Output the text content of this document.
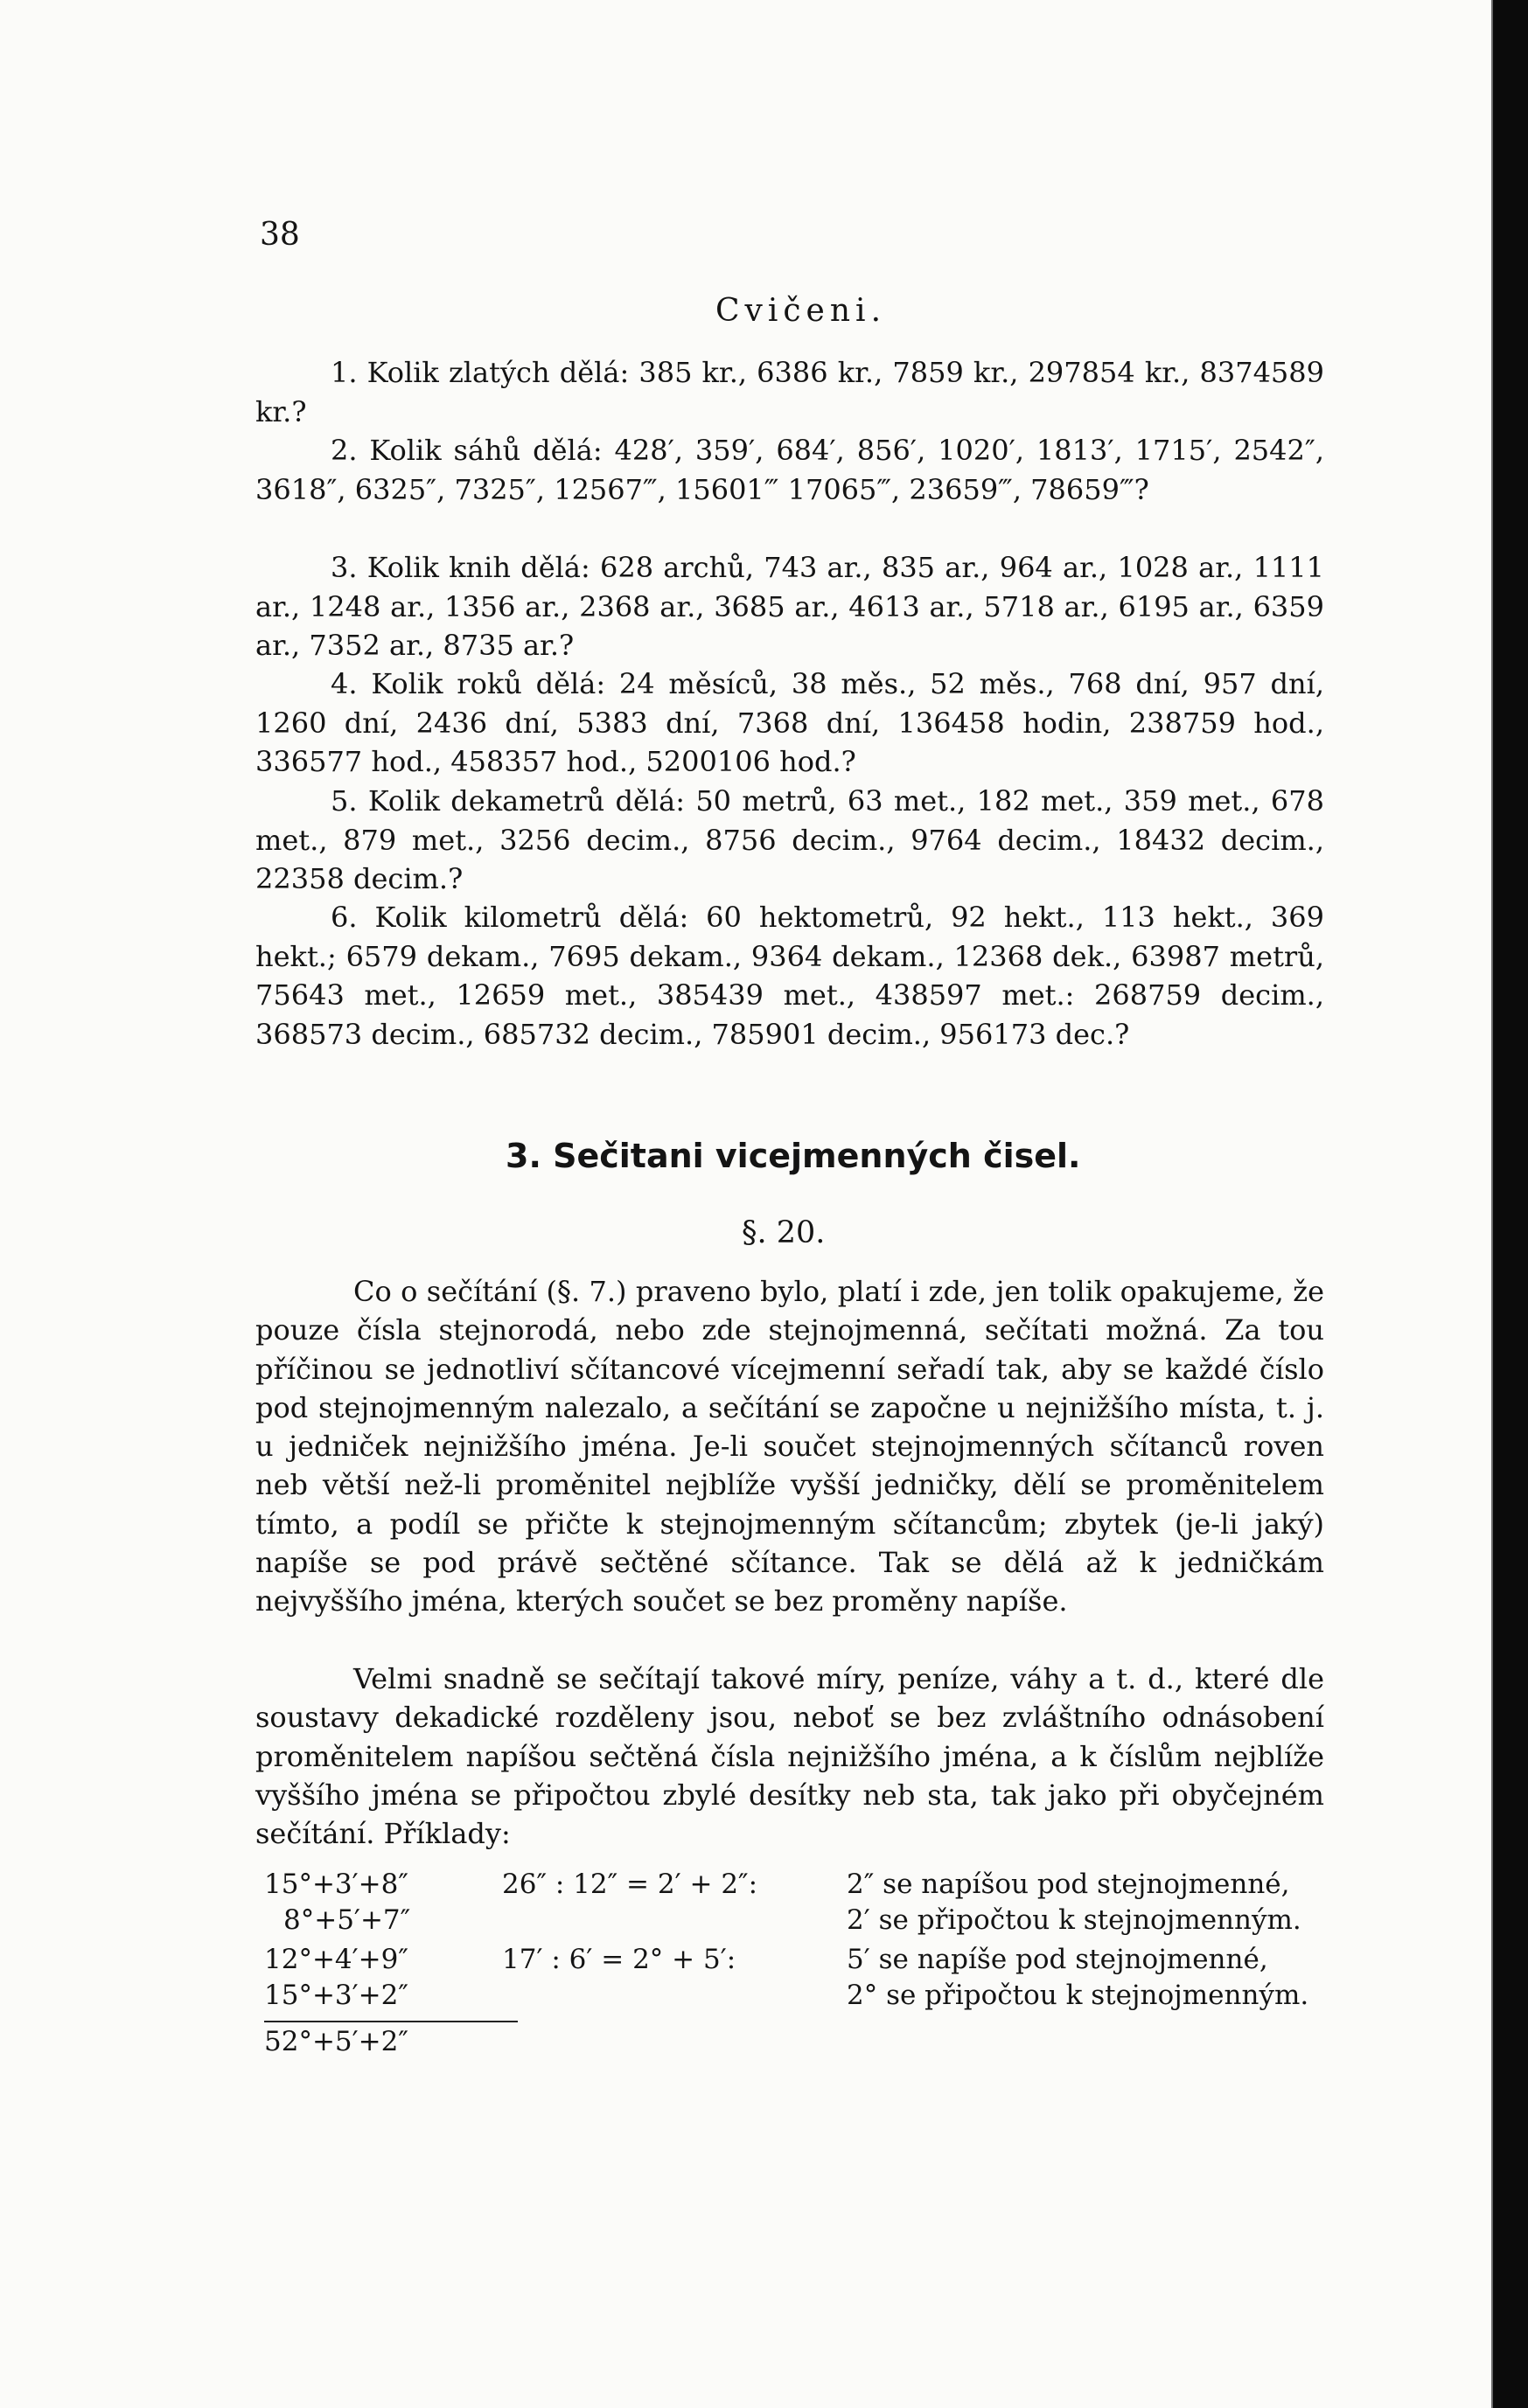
38
Cvičeni.
1. Kolik zlatých dělá: 385 kr., 6386 kr., 7859 kr., 297854 kr., 8374589 kr.?
2. Kolik sáhů dělá: 428′, 359′, 684′, 856′, 1020′, 1813′, 1715′, 2542″, 3618″, 6325″, 7325″, 12567‴, 15601‴ 17065‴, 23659‴, 78659‴?
3. Kolik knih dělá: 628 archů, 743 ar., 835 ar., 964 ar., 1028 ar., 1111 ar., 1248 ar., 1356 ar., 2368 ar., 3685 ar., 4613 ar., 5718 ar., 6195 ar., 6359 ar., 7352 ar., 8735 ar.?
4. Kolik roků dělá: 24 měsíců, 38 měs., 52 měs., 768 dní, 957 dní, 1260 dní, 2436 dní, 5383 dní, 7368 dní, 136458 hodin, 238759 hod., 336577 hod., 458357 hod., 5200106 hod.?
5. Kolik dekametrů dělá: 50 metrů, 63 met., 182 met., 359 met., 678 met., 879 met., 3256 decim., 8756 decim., 9764 decim., 18432 decim., 22358 decim.?
6. Kolik kilometrů dělá: 60 hektometrů, 92 hekt., 113 hekt., 369 hekt.; 6579 dekam., 7695 dekam., 9364 dekam., 12368 dek., 63987 metrů, 75643 met., 12659 met., 385439 met., 438597 met.: 268759 decim., 368573 decim., 685732 decim., 785901 decim., 956173 dec.?
3. Sečitani vicejmenných čisel.
§. 20.
Co o sečítání (§. 7.) praveno bylo, platí i zde, jen tolik opakujeme, že pouze čísla stejnorodá, nebo zde stejnojmenná, sečítati možná. Za tou příčinou se jednotliví sčítancové vícejmenní seřadí tak, aby se každé číslo pod stejnojmenným nalezalo, a sečítání se započne u nejnižšího místa, t. j. u jedniček nejnižšího jména. Je-li součet stejnojmenných sčítanců roven neb větší než-li proměnitel nejblíže vyšší jedničky, dělí se proměnitelem tímto, a podíl se přičte k stejnojmenným sčítancům; zbytek (je-li jaký) napíše se pod právě sečtěné sčítance. Tak se dělá až k jedničkám nejvyššího jména, kterých součet se bez proměny napíše.
Velmi snadně se sečítají takové míry, peníze, váhy a t. d., které dle soustavy dekadické rozděleny jsou, neboť se bez zvláštního odnásobení proměnitelem napíšou sečtěná čísla nejnižšího jména, a k číslům nejblíže vyššího jména se připočtou zbylé desítky neb sta, tak jako při obyčejném sečítání. Příklady:
15°+3′+8″
8°+5′+7″
12°+4′+9″
15°+3′+2″
52°+5′+2″
26″ : 12″ = 2′ + 2″:
17′ : 6′ = 2° + 5′:
2″ se napíšou pod stejnojmenné,
2′ se připočtou k stejnojmenným.
5′ se napíše pod stejnojmenné,
2° se připočtou k stejnojmenným.
